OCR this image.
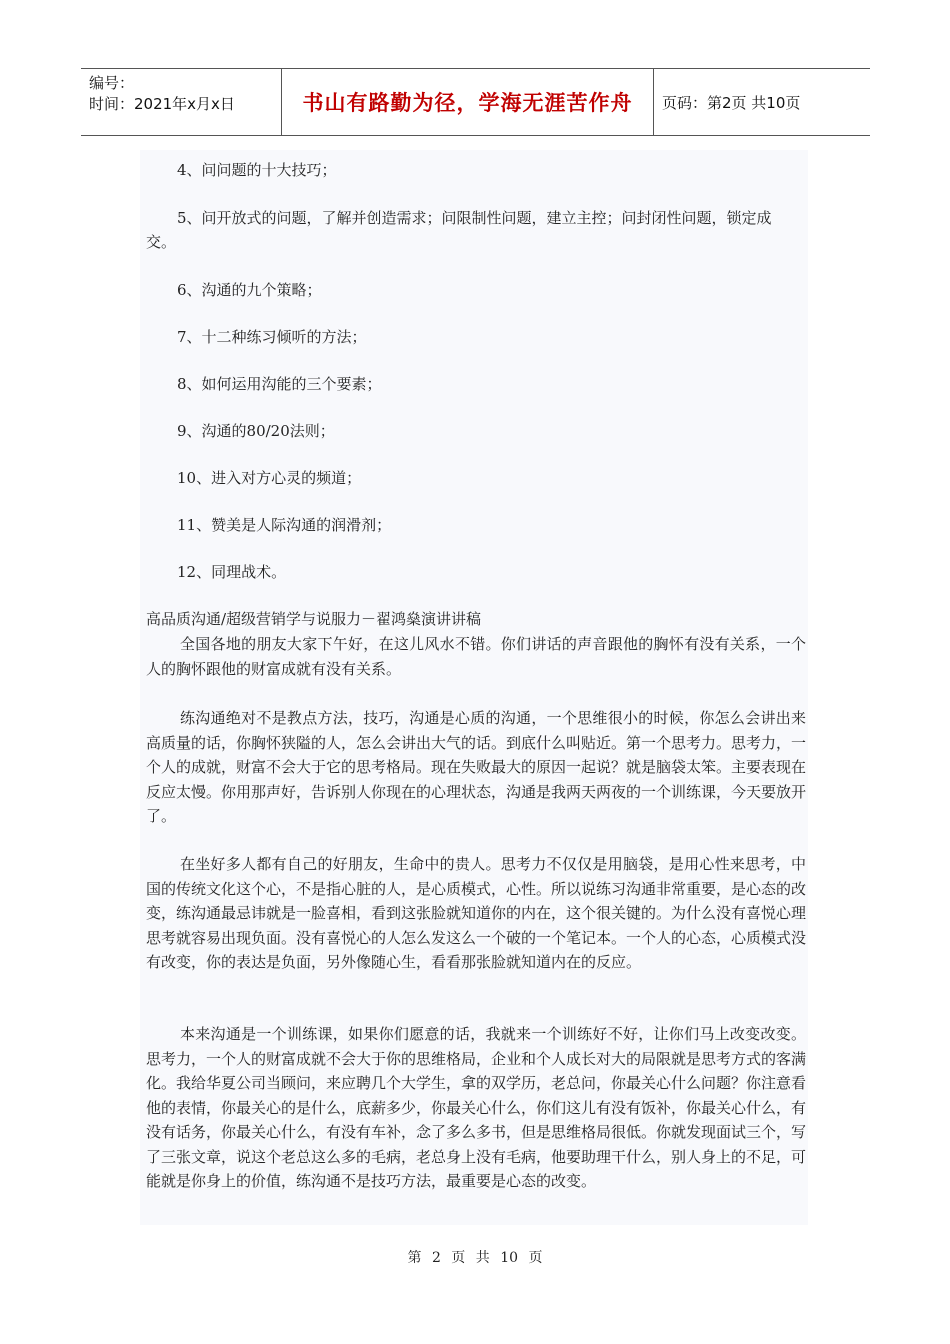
编号：
时间：2021年x月x日	书山有路勤为径，学海无涯苦作舟	页码：第2页 共10页

4、问问题的十大技巧；

5、问开放式的问题，了解并创造需求；问限制性问题，建立主控；问封闭性问题，锁定成交。

6、沟通的九个策略；

7、十二种练习倾听的方法；

8、如何运用沟能的三个要素；

9、沟通的80/20法则；

10、进入对方心灵的频道；

11、赞美是人际沟通的润滑剂；

12、同理战术。

高品质沟通/超级营销学与说服力－翟鸿燊演讲讲稿

全国各地的朋友大家下午好，在这儿风水不错。你们讲话的声音跟他的胸怀有没有关系，一个人的胸怀跟他的财富成就有没有关系。

练沟通绝对不是教点方法，技巧，沟通是心质的沟通，一个思维很小的时候，你怎么会讲出来高质量的话，你胸怀狭隘的人，怎么会讲出大气的话。到底什么叫贴近。第一个思考力。思考力，一个人的成就，财富不会大于它的思考格局。现在失败最大的原因一起说？就是脑袋太笨。主要表现在反应太慢。你用那声好，告诉别人你现在的心理状态，沟通是我两天两夜的一个训练课，今天要放开了。

在坐好多人都有自己的好朋友，生命中的贵人。思考力不仅仅是用脑袋，是用心性来思考，中国的传统文化这个心，不是指心脏的人，是心质模式，心性。所以说练习沟通非常重要，是心态的改变，练沟通最忌讳就是一脸喜相，看到这张脸就知道你的内在，这个很关键的。为什么没有喜悦心理思考就容易出现负面。没有喜悦心的人怎么发这么一个破的一个笔记本。一个人的心态，心质模式没有改变，你的表达是负面，另外像随心生，看看那张脸就知道内在的反应。

本来沟通是一个训练课，如果你们愿意的话，我就来一个训练好不好，让你们马上改变改变。思考力，一个人的财富成就不会大于你的思维格局，企业和个人成长对大的局限就是思考方式的客满化。我给华夏公司当顾问，来应聘几个大学生，拿的双学历，老总问，你最关心什么问题？你注意看他的表情，你最关心的是什么，底薪多少，你最关心什么，你们这儿有没有饭补，你最关心什么，有没有话务，你最关心什么，有没有车补，念了多么多书，但是思维格局很低。你就发现面试三个，写了三张文章，说这个老总这么多的毛病，老总身上没有毛病，他要助理干什么，别人身上的不足，可能就是你身上的价值，练沟通不是技巧方法，最重要是心态的改变。

第 2 页 共 10 页
